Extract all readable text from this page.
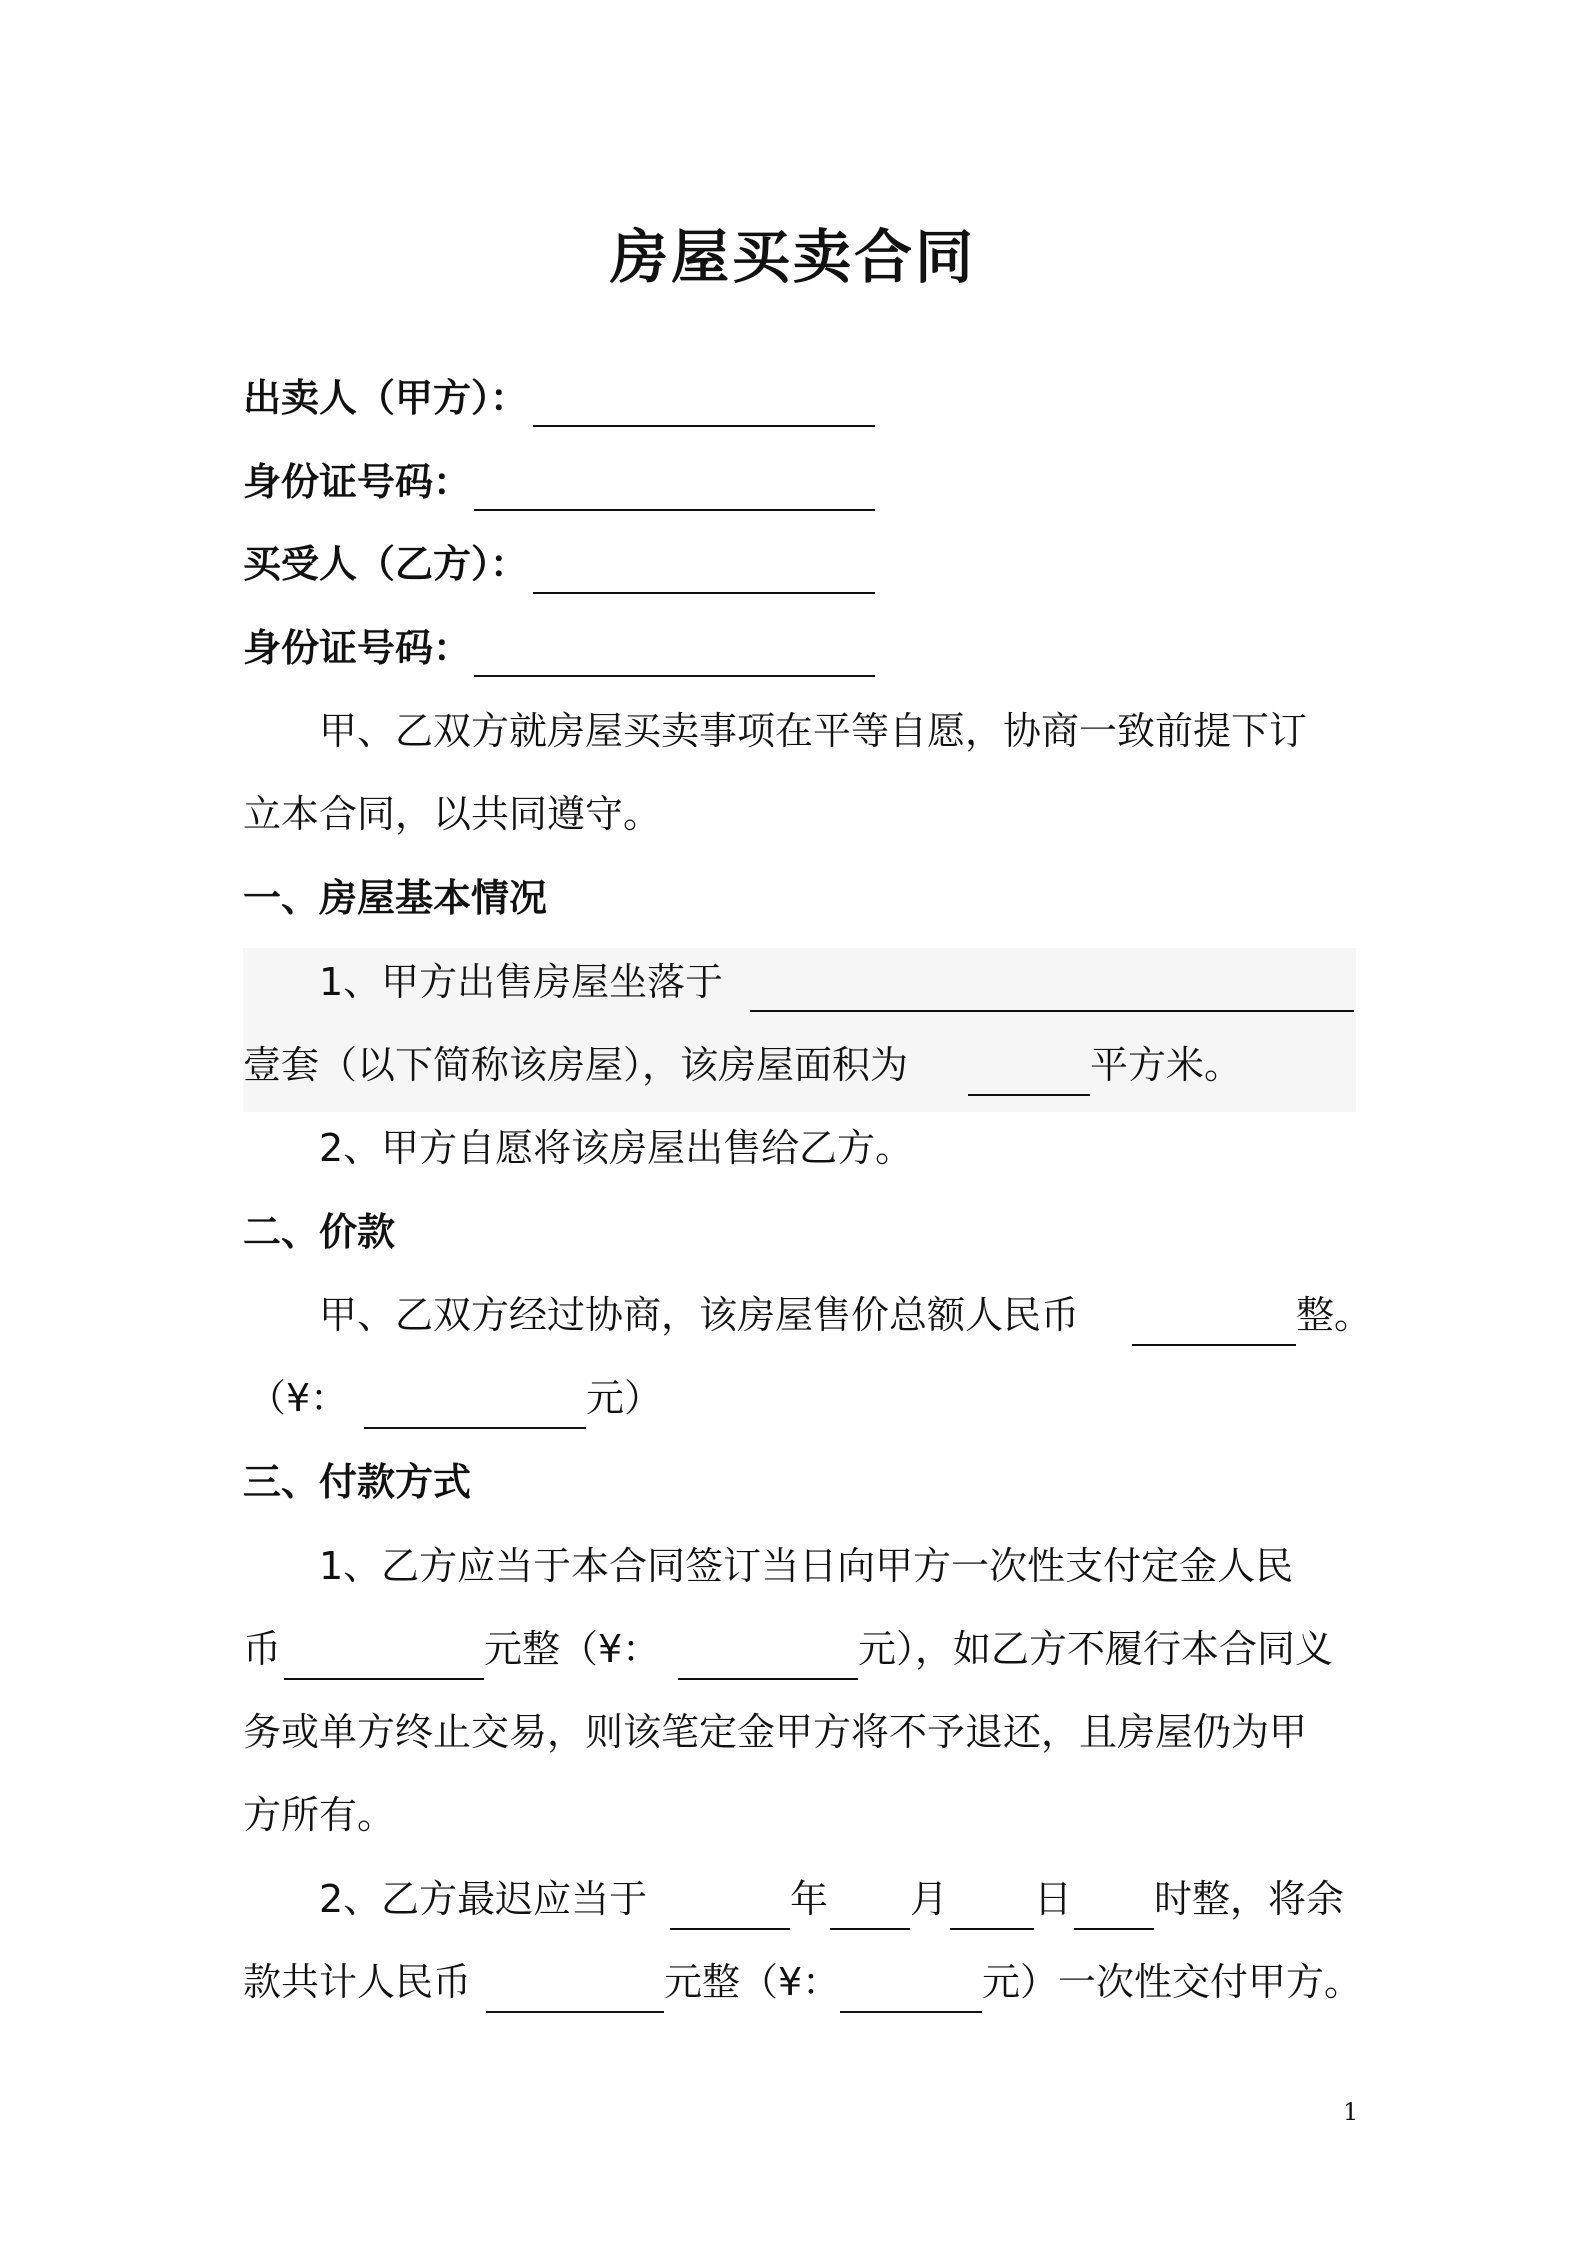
房屋买卖合同
出卖人（甲方）：
身份证号码：
买受人（乙方）：
身份证号码：
甲、乙双方就房屋买卖事项在平等自愿，协商一致前提下订
立本合同，以共同遵守。
一、房屋基本情况
1、甲方出售房屋坐落于
壹套（以下简称该房屋），该房屋面积为	平方米。
2、甲方自愿将该房屋出售给乙方。
二、价款
甲、乙双方经过协商，该房屋售价总额人民币	整。
（¥：	元）
三、付款方式
1、乙方应当于本合同签订当日向甲方一次性支付定金人民
币	元整（¥：	元），如乙方不履行本合同义
务或单方终止交易，则该笔定金甲方将不予退还，且房屋仍为甲
方所有。
2、乙方最迟应当于	年 月 日 时整，将余
款共计人民币	元整（¥：	元）一次性交付甲方。
1
